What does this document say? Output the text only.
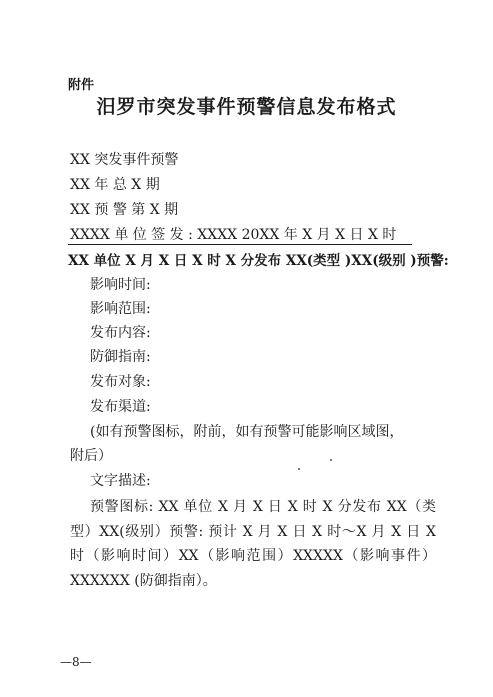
附件
汨罗市突发事件预警信息发布格式
XX 突发事件预警
XX 年 总 X 期
XX 预 警 第 X 期
XXXX 单 位 签 发 : XXXX 20XX 年 X 月 X 日 X 时
XX 单位 X 月 X 日 X 时 X 分发布 XX(类型 )XX(级别 )预警:
影响时间:
影响范围:
发布内容:
防御指南:
发布对象:
发布渠道:
(如有预警图标，附前，如有预警可能影响区域图，
附后）
文字描述:
预警图标: XX 单位 X 月 X 日 X 时 X 分发布 XX（类型）XX(级别）预警: 预计 X 月 X 日 X 时～X 月 X 日 X 时（影响时间）XX（影响范围）XXXXX（影响事件）XXXXXX (防御指南）。
—8—
